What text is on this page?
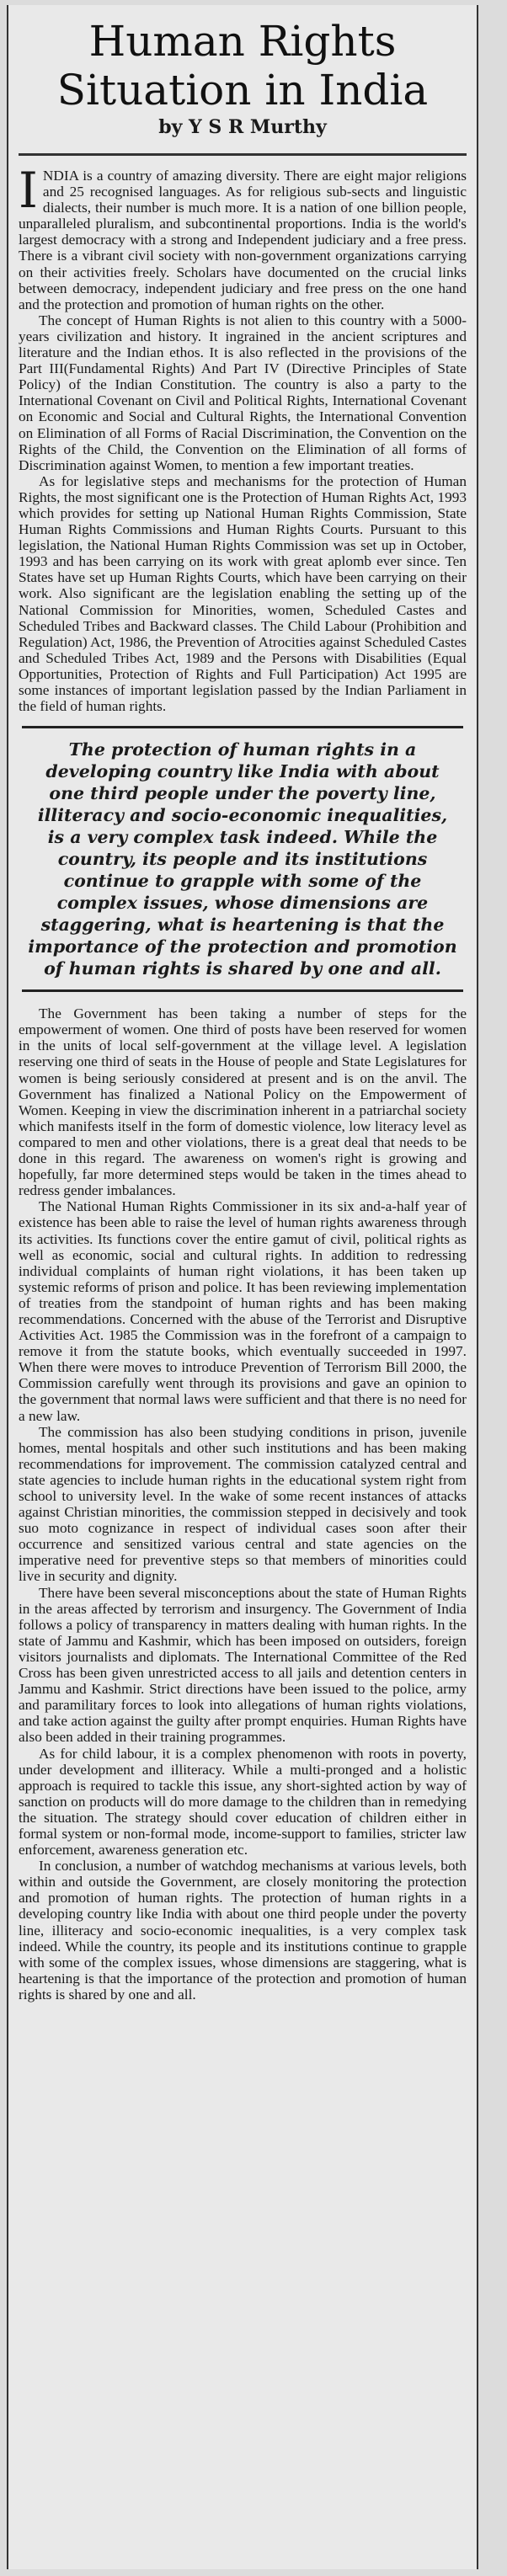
Human Rights
Situation in India
by Y S R Murthy

INDIA is a country of amazing diversity. There are eight major religions and 25 recognised languages. As for religious sub-sects and linguistic dialects, their number is much more. It is a nation of one billion people, unparalleled pluralism, and subcontinental proportions. India is the world's largest democracy with a strong and Independent judiciary and a free press. There is a vibrant civil society with non-government organizations carrying on their activities freely. Scholars have documented on the crucial links between democracy, independent judiciary and free press on the one hand and the protection and promotion of human rights on the other.

The concept of Human Rights is not alien to this country with a 5000-years civilization and history. It ingrained in the ancient scriptures and literature and the Indian ethos. It is also reflected in the provisions of the Part III(Fundamental Rights) And Part IV (Directive Principles of State Policy) of the Indian Constitution. The country is also a party to the International Covenant on Civil and Political Rights, International Covenant on Economic and Social and Cultural Rights, the International Convention on Elimination of all Forms of Racial Discrimination, the Convention on the Rights of the Child, the Convention on the Elimination of all forms of Discrimination against Women, to mention a few important treaties.

As for legislative steps and mechanisms for the protection of Human Rights, the most significant one is the Protection of Human Rights Act, 1993 which provides for setting up National Human Rights Commission, State Human Rights Commissions and Human Rights Courts. Pursuant to this legislation, the National Human Rights Commission was set up in October, 1993 and has been carrying on its work with great aplomb ever since. Ten States have set up Human Rights Courts, which have been carrying on their work. Also significant are the legislation enabling the setting up of the National Commission for Minorities, women, Scheduled Castes and Scheduled Tribes and Backward classes. The Child Labour (Prohibition and Regulation) Act, 1986, the Prevention of Atrocities against Scheduled Castes and Scheduled Tribes Act, 1989 and the Persons with Disabilities (Equal Opportunities, Protection of Rights and Full Participation) Act 1995 are some instances of important legislation passed by the Indian Parliament in the field of human rights.

The protection of human rights in a developing country like India with about one third people under the poverty line, illiteracy and socio-economic inequalities, is a very complex task indeed. While the country, its people and its institutions continue to grapple with some of the complex issues, whose dimensions are staggering, what is heartening is that the importance of the protection and promotion of human rights is shared by one and all.

The Government has been taking a number of steps for the empowerment of women. One third of posts have been reserved for women in the units of local self-government at the village level. A legislation reserving one third of seats in the House of people and State Legislatures for women is being seriously considered at present and is on the anvil. The Government has finalized a National Policy on the Empowerment of Women. Keeping in view the discrimination inherent in a patriarchal society which manifests itself in the form of domestic violence, low literacy level as compared to men and other violations, there is a great deal that needs to be done in this regard. The awareness on women's right is growing and hopefully, far more determined steps would be taken in the times ahead to redress gender imbalances.

The National Human Rights Commissioner in its six and-a-half year of existence has been able to raise the level of human rights awareness through its activities. Its functions cover the entire gamut of civil, political rights as well as economic, social and cultural rights. In addition to redressing individual complaints of human right violations, it has been taken up systemic reforms of prison and police. It has been reviewing implementation of treaties from the standpoint of human rights and has been making recommendations. Concerned with the abuse of the Terrorist and Disruptive Activities Act. 1985 the Commission was in the forefront of a campaign to remove it from the statute books, which eventually succeeded in 1997. When there were moves to introduce Prevention of Terrorism Bill 2000, the Commission carefully went through its provisions and gave an opinion to the government that normal laws were sufficient and that there is no need for a new law.

The commission has also been studying conditions in prison, juvenile homes, mental hospitals and other such institutions and has been making recommendations for improvement. The commission catalyzed central and state agencies to include human rights in the educational system right from school to university level. In the wake of some recent instances of attacks against Christian minorities, the commission stepped in decisively and took suo moto cognizance in respect of individual cases soon after their occurrence and sensitized various central and state agencies on the imperative need for preventive steps so that members of minorities could live in security and dignity.

There have been several misconceptions about the state of Human Rights in the areas affected by terrorism and insurgency. The Government of India follows a policy of transparency in matters dealing with human rights. In the state of Jammu and Kashmir, which has been imposed on outsiders, foreign visitors journalists and diplomats. The International Committee of the Red Cross has been given unrestricted access to all jails and detention centers in Jammu and Kashmir. Strict directions have been issued to the police, army and paramilitary forces to look into allegations of human rights violations, and take action against the guilty after prompt enquiries. Human Rights have also been added in their training programmes.

As for child labour, it is a complex phenomenon with roots in poverty, under development and illiteracy. While a multi-pronged and a holistic approach is required to tackle this issue, any short-sighted action by way of sanction on products will do more damage to the children than in remedying the situation. The strategy should cover education of children either in formal system or non-formal mode, income-support to families, stricter law enforcement, awareness generation etc.

In conclusion, a number of watchdog mechanisms at various levels, both within and outside the Government, are closely monitoring the protection and promotion of human rights. The protection of human rights in a developing country like India with about one third people under the poverty line, illiteracy and socio-economic inequalities, is a very complex task indeed. While the country, its people and its institutions continue to grapple with some of the complex issues, whose dimensions are staggering, what is heartening is that the importance of the protection and promotion of human rights is shared by one and all.
